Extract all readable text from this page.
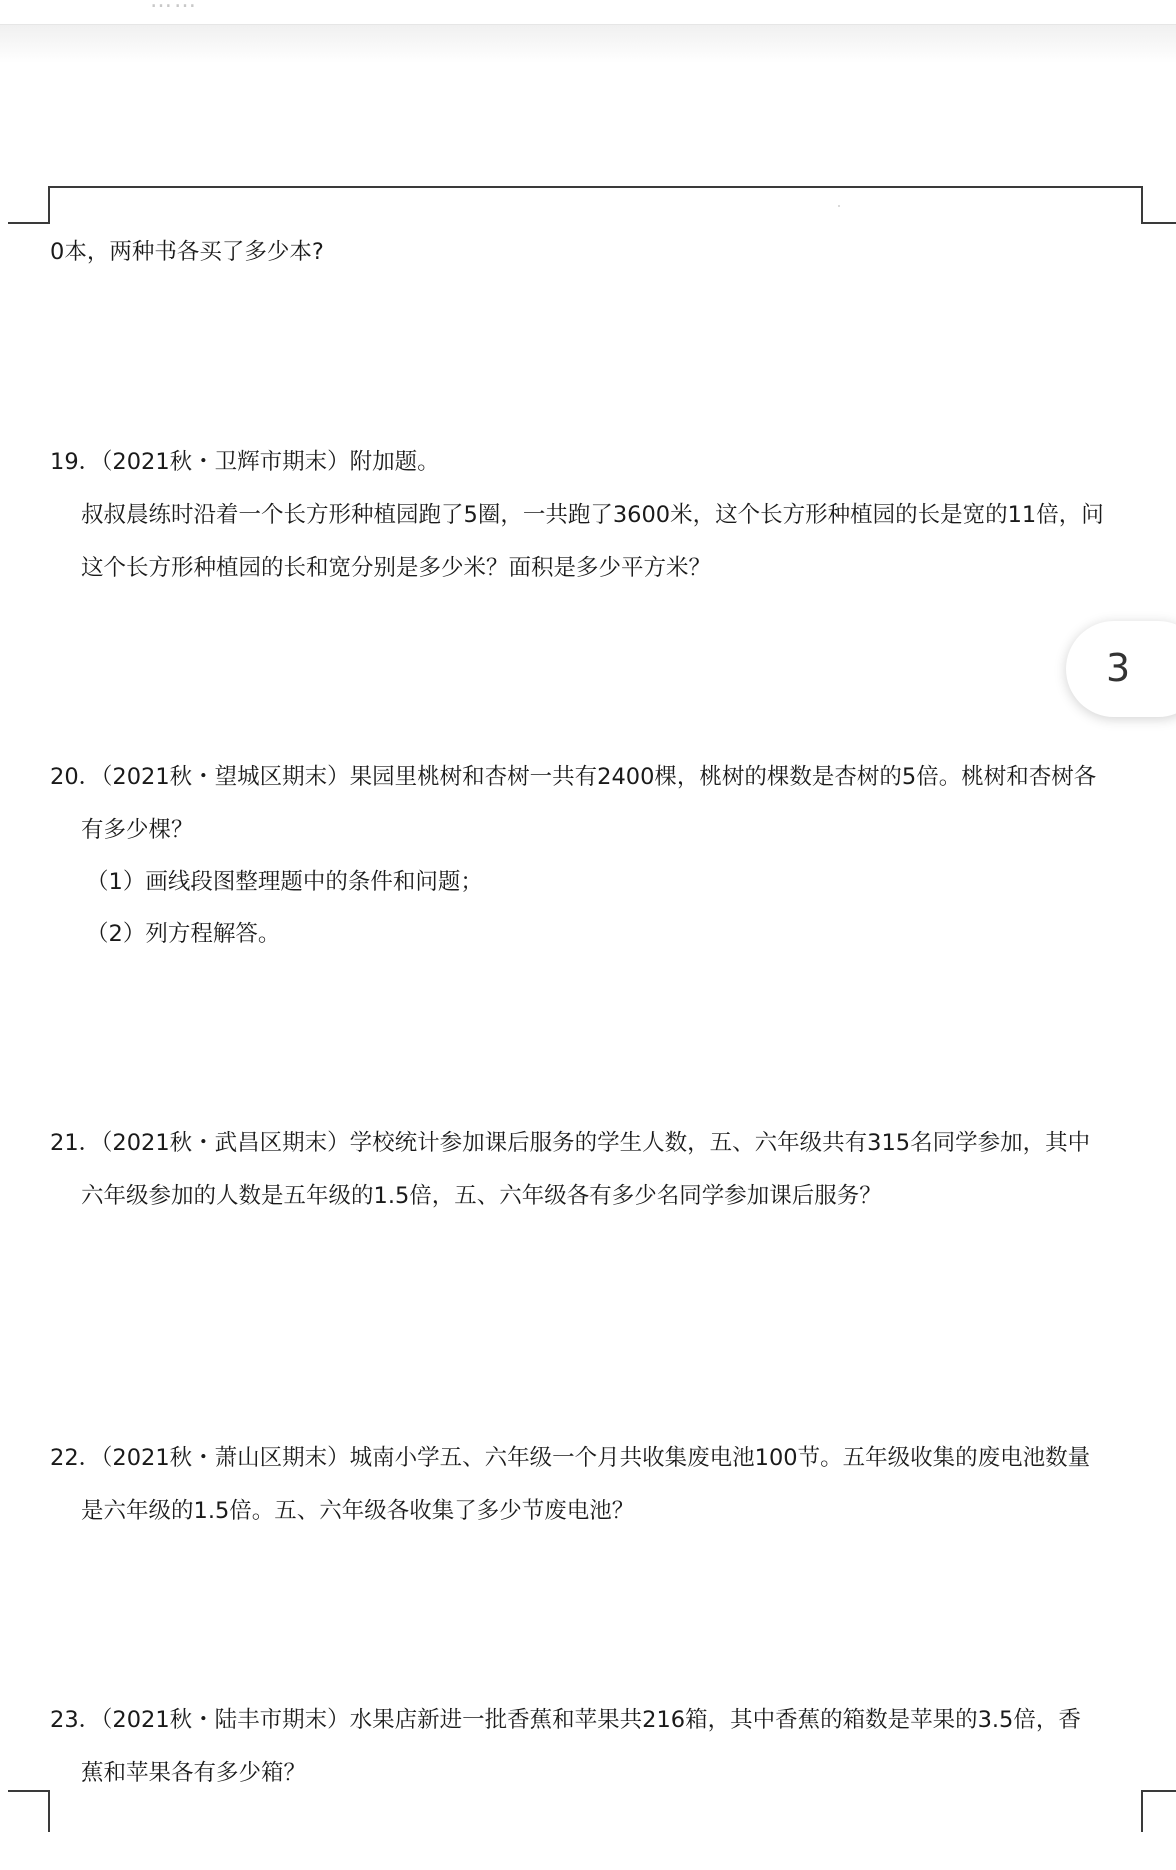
……
0本，两种书各买了多少本?
19．（2021秋・卫辉市期末）附加题。
叔叔晨练时沿着一个长方形种植园跑了5圈，一共跑了3600米，这个长方形种植园的长是宽的11倍，问
这个长方形种植园的长和宽分别是多少米？面积是多少平方米？
3
20．（2021秋・望城区期末）果园里桃树和杏树一共有2400棵，桃树的棵数是杏树的5倍。桃树和杏树各
有多少棵？
（1）画线段图整理题中的条件和问题；
（2）列方程解答。
21．（2021秋・武昌区期末）学校统计参加课后服务的学生人数，五、六年级共有315名同学参加，其中
六年级参加的人数是五年级的1.5倍，五、六年级各有多少名同学参加课后服务？
22．（2021秋・萧山区期末）城南小学五、六年级一个月共收集废电池100节。五年级收集的废电池数量
是六年级的1.5倍。五、六年级各收集了多少节废电池？
23．（2021秋・陆丰市期末）水果店新进一批香蕉和苹果共216箱，其中香蕉的箱数是苹果的3.5倍，香
蕉和苹果各有多少箱？
